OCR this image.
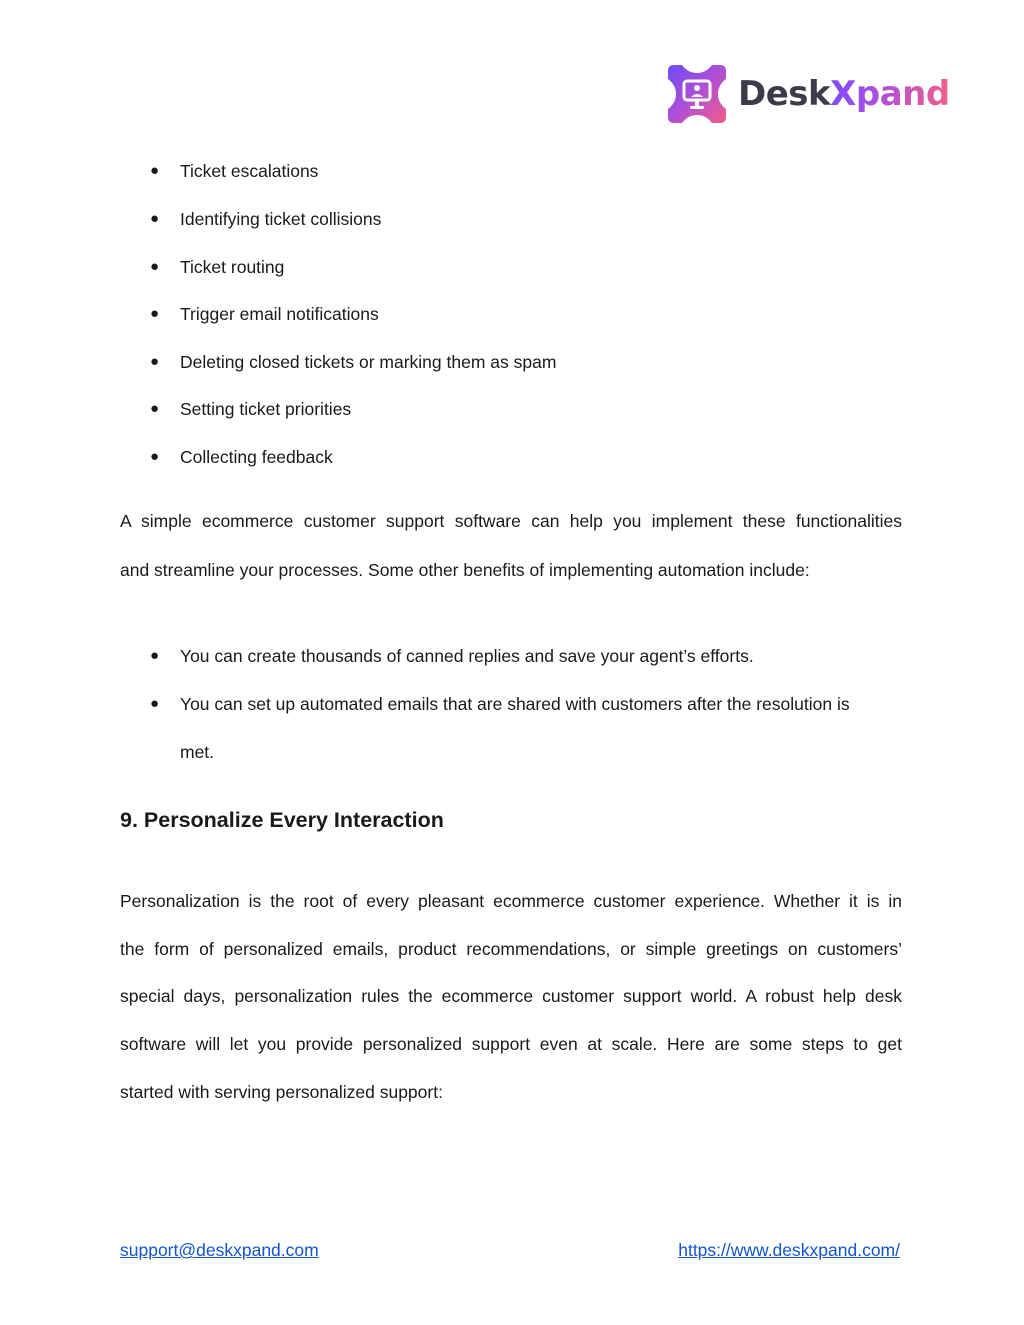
DeskXpand
● Ticket escalations
● Identifying ticket collisions
● Ticket routing
● Trigger email notifications
● Deleting closed tickets or marking them as spam
● Setting ticket priorities
● Collecting feedback
A simple ecommerce customer support software can help you implement these functionalities
and streamline your processes. Some other benefits of implementing automation include:
● You can create thousands of canned replies and save your agent’s efforts.
● You can set up automated emails that are shared with customers after the resolution is
met.
9. Personalize Every Interaction
Personalization is the root of every pleasant ecommerce customer experience. Whether it is in
the form of personalized emails, product recommendations, or simple greetings on customers’
special days, personalization rules the ecommerce customer support world. A robust help desk
software will let you provide personalized support even at scale. Here are some steps to get
started with serving personalized support:
support@deskxpand.com	https://www.deskxpand.com/
